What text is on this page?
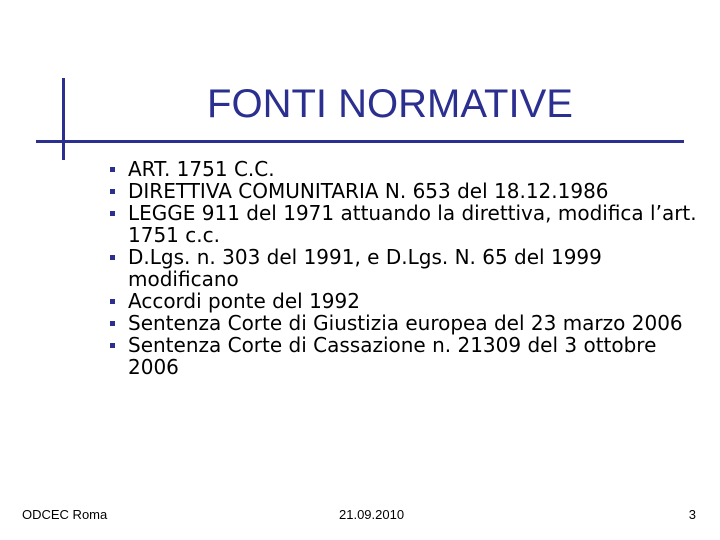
FONTI NORMATIVE
ART. 1751 C.C.
DIRETTIVA COMUNITARIA N. 653 del 18.12.1986
LEGGE 911 del 1971 attuando la direttiva, modifica l’art. 1751 c.c.
D.Lgs. n. 303 del 1991, e D.Lgs. N. 65 del 1999 modificano
Accordi ponte del 1992
Sentenza Corte di Giustizia europea del 23 marzo 2006
Sentenza Corte di Cassazione n. 21309 del 3 ottobre 2006
ODCEC Roma	21.09.2010	3
